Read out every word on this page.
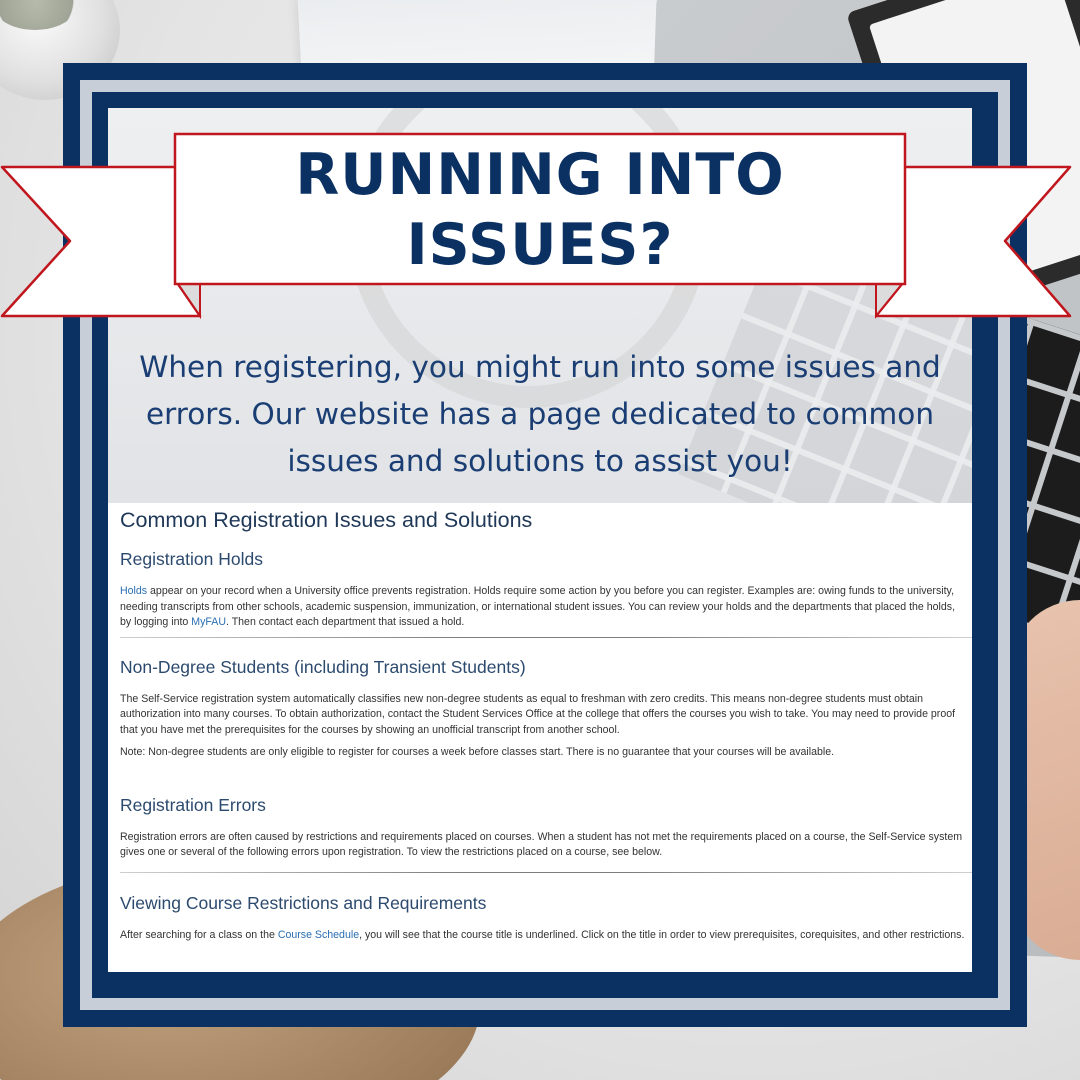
When registering, you might run into some issues and
errors. Our website has a page dedicated to common
issues and solutions to assist you!
RUNNING INTO
ISSUES?
Common Registration Issues and Solutions
Registration Holds

Holds appear on your record when a University office prevents registration. Holds require some action by you before you can register. Examples are: owing funds to the university, needing transcripts from other schools, academic suspension, immunization, or international student issues. You can review your holds and the departments that placed the holds, by logging into MyFAU. Then contact each department that issued a hold.

Non-Degree Students (including Transient Students)

The Self-Service registration system automatically classifies new non-degree students as equal to freshman with zero credits. This means non-degree students must obtain authorization into many courses. To obtain authorization, contact the Student Services Office at the college that offers the courses you wish to take. You may need to provide proof that you have met the prerequisites for the courses by showing an unofficial transcript from another school.

Note: Non-degree students are only eligible to register for courses a week before classes start. There is no guarantee that your courses will be available.

Registration Errors

Registration errors are often caused by restrictions and requirements placed on courses. When a student has not met the requirements placed on a course, the Self-Service system gives one or several of the following errors upon registration. To view the restrictions placed on a course, see below.

Viewing Course Restrictions and Requirements

After searching for a class on the Course Schedule, you will see that the course title is underlined. Click on the title in order to view prerequisites, corequisites, and other restrictions.
